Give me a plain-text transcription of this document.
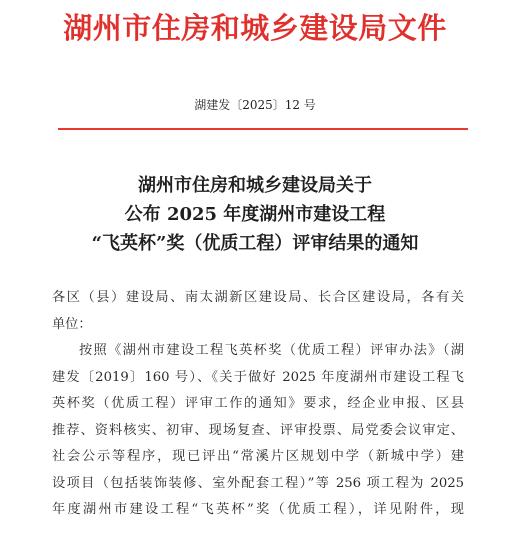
湖州市住房和城乡建设局文件
湖建发〔2025〕12 号
湖州市住房和城乡建设局关于
公布 2025 年度湖州市建设工程
“飞英杯”奖（优质工程）评审结果的通知
各区（县）建设局、南太湖新区建设局、长合区建设局，各有关
单位：
按照《湖州市建设工程飞英杯奖（优质工程）评审办法》（湖
建发〔2019〕160 号）、《关于做好 2025 年度湖州市建设工程飞
英杯奖（优质工程）评审工作的通知》要求，经企业申报、区县
推荐、资料核实、初审、现场复查、评审投票、局党委会议审定、
社会公示等程序，现已评出“常溪片区规划中学（新城中学）建
设项目（包括装饰装修、室外配套工程）”等 256 项工程为 2025
年度湖州市建设工程“飞英杯”奖（优质工程），详见附件，现
